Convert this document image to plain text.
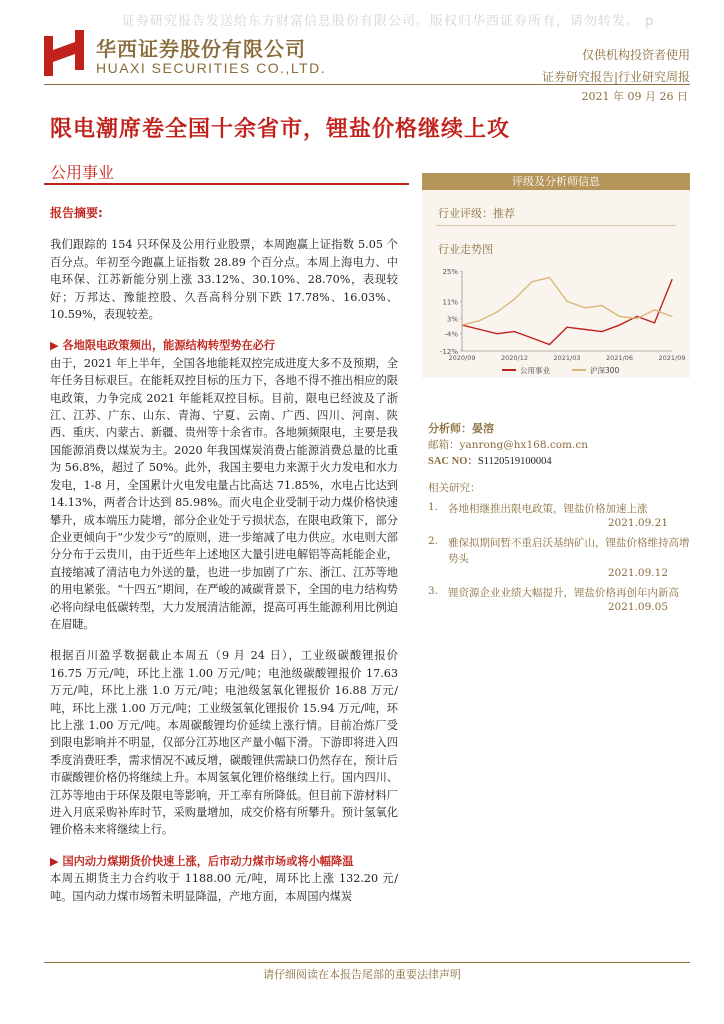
证券研究报告发送给东方财富信息股份有限公司。版权归华西证券所有，请勿转发。 p
华西证券股份有限公司
HUAXI SECURITIES CO.,LTD.
仅供机构投资者使用
证券研究报告|行业研究周报
2021 年 09 月 26 日
限电潮席卷全国十余省市，锂盐价格继续上攻
公用事业
报告摘要:

我们跟踪的 154 只环保及公用行业股票，本周跑赢上证指数 5.05 个百分点。年初至今跑赢上证指数 28.89 个百分点。本周上海电力、中电环保、江苏新能分别上涨 33.12%、30.10%、28.70%，表现较好；万邦达、豫能控股、久吾高科分别下跌 17.78%、16.03%、10.59%，表现较差。

▶ 各地限电政策频出，能源结构转型势在必行

由于，2021 年上半年，全国各地能耗双控完成进度大多不及预期，全年任务目标艰巨。在能耗双控目标的压力下，各地不得不推出相应的限电政策，力争完成 2021 年能耗双控目标。目前，限电已经波及了浙江、江苏、广东、山东、青海、宁夏、云南、广西、四川、河南、陕西、重庆、内蒙古、新疆、贵州等十余省市。各地频频限电，主要是我国能源消费以煤炭为主。2020 年我国煤炭消费占能源消费总量的比重为 56.8%，超过了 50%。此外，我国主要电力来源于火力发电和水力发电，1-8 月，全国累计火电发电量占比高达 71.85%，水电占比达到 14.13%，两者合计达到 85.98%。而火电企业受制于动力煤价格快速攀升，成本端压力陡增，部分企业处于亏损状态，在限电政策下，部分企业更倾向于“少发少亏”的原则，进一步缩减了电力供应。水电则大部分分布于云贵川，由于近些年上述地区大量引进电解铝等高耗能企业，直接缩减了清洁电力外送的量，也进一步加剧了广东、浙江、江苏等地的用电紧张。“十四五”期间，在严峻的减碳背景下，全国的电力结构势必将向绿电低碳转型，大力发展清洁能源，提高可再生能源利用比例迫在眉睫。

根据百川盈孚数据截止本周五（9 月 24 日），工业级碳酸锂报价 16.75 万元/吨，环比上涨 1.00 万元/吨；电池级碳酸锂报价 17.63 万元/吨，环比上涨 1.0 万元/吨；电池级氢氧化锂报价 16.88 万元/吨，环比上涨 1.00 万元/吨；工业级氢氧化锂报价 15.94 万元/吨，环比上涨 1.00 万元/吨。本周碳酸锂均价延续上涨行情。目前冶炼厂受到限电影响并不明显，仅部分江苏地区产量小幅下滑。下游即将进入四季度消费旺季，需求情况不减反增，碳酸锂供需缺口仍然存在，预计后市碳酸锂价格仍将继续上升。本周氢氧化锂价格继续上行。国内四川、江苏等地由于环保及限电等影响，开工率有所降低。但目前下游材料厂进入月底采购补库时节，采购量增加，成交价格有所攀升。预计氢氧化锂价格未来将继续上行。

▶ 国内动力煤期货价快速上涨，后市动力煤市场或将小幅降温

本周五期货主力合约收于 1188.00 元/吨，周环比上涨 132.20 元/吨。国内动力煤市场暂未明显降温，产地方面，本周国内煤炭

评级及分析师信息
行业评级：推荐
行业走势图
25%
11%
3%
-4%
-12%
2020/09	2020/12	2021/03	2021/06	2021/09
公用事业	沪深300
分析师：晏溶
邮箱：yanrong@hx168.com.cn
SAC NO：S1120519100004
相关研究：
1. 各地相继推出限电政策，锂盐价格加速上涨
2021.09.21
2. 雅保拟期间暂不重启沃基纳矿山，锂盐价格维持高增势头
2021.09.12
3. 锂资源企业业绩大幅提升，锂盐价格再创年内新高
2021.09.05
请仔细阅读在本报告尾部的重要法律声明
